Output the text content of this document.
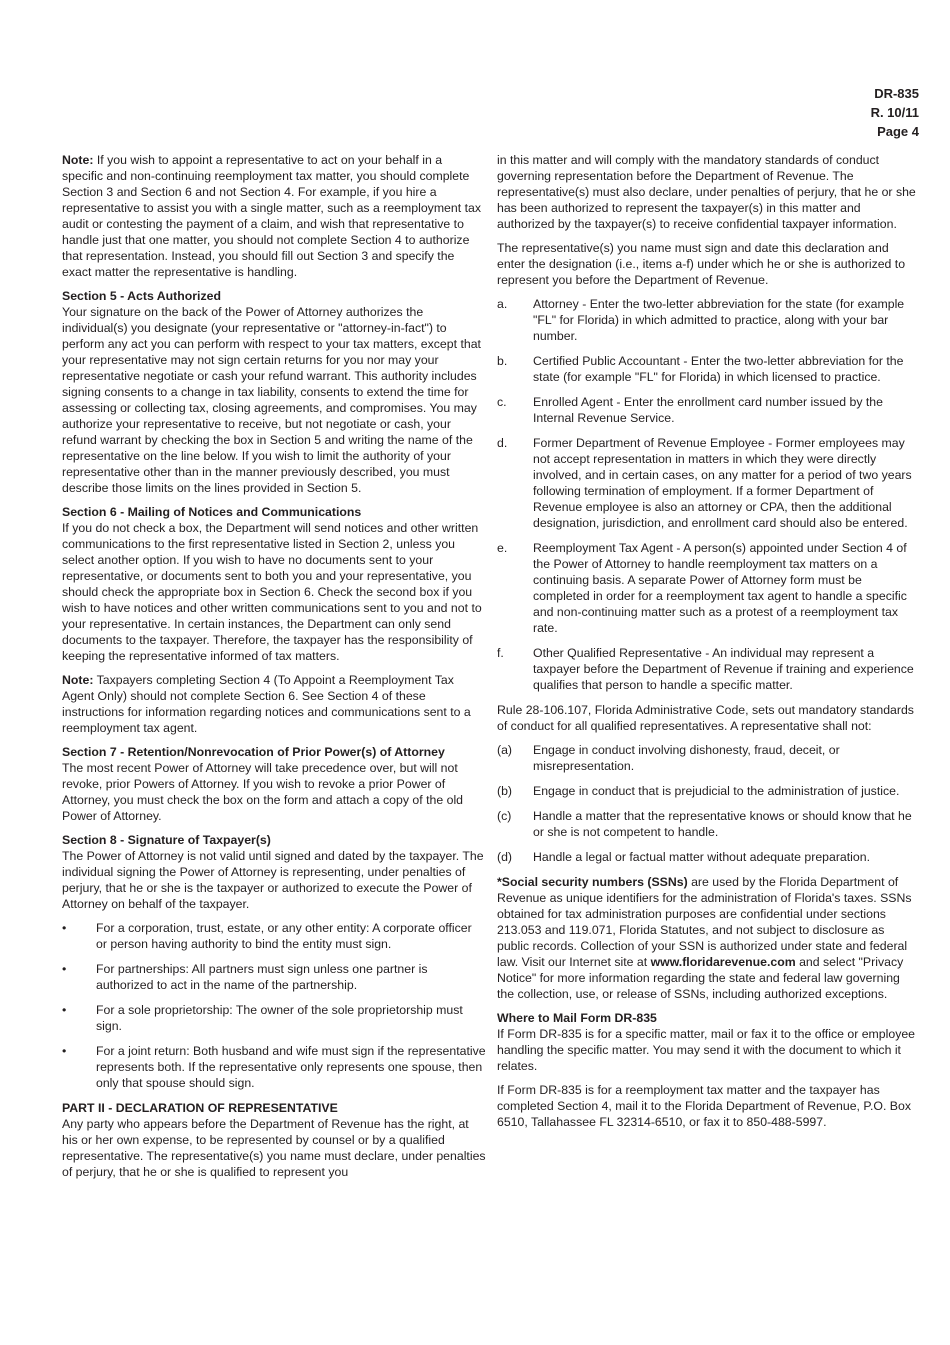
DR-835
R. 10/11
Page 4

Note: If you wish to appoint a representative to act on your behalf in a specific and non-continuing reemployment tax matter, you should complete Section 3 and Section 6 and not Section 4. For example, if you hire a representative to assist you with a single matter, such as a reemployment tax audit or contesting the payment of a claim, and wish that representative to handle just that one matter, you should not complete Section 4 to authorize that representation. Instead, you should fill out Section 3 and specify the exact matter the representative is handling.

Section 5 - Acts Authorized
Your signature on the back of the Power of Attorney authorizes the individual(s) you designate (your representative or "attorney-in-fact") to perform any act you can perform with respect to your tax matters, except that your representative may not sign certain returns for you nor may your representative negotiate or cash your refund warrant. This authority includes signing consents to a change in tax liability, consents to extend the time for assessing or collecting tax, closing agreements, and compromises. You may authorize your representative to receive, but not negotiate or cash, your refund warrant by checking the box in Section 5 and writing the name of the representative on the line below. If you wish to limit the authority of your representative other than in the manner previously described, you must describe those limits on the lines provided in Section 5.
Section 6 - Mailing of Notices and Communications
If you do not check a box, the Department will send notices and other written communications to the first representative listed in Section 2, unless you select another option. If you wish to have no documents sent to your representative, or documents sent to both you and your representative, you should check the appropriate box in Section 6. Check the second box if you wish to have notices and other written communications sent to you and not to your representative. In certain instances, the Department can only send documents to the taxpayer. Therefore, the taxpayer has the responsibility of keeping the representative informed of tax matters.

Note: Taxpayers completing Section 4 (To Appoint a Reemployment Tax Agent Only) should not complete Section 6. See Section 4 of these instructions for information regarding notices and communications sent to a reemployment tax agent.

Section 7 - Retention/Nonrevocation of Prior Power(s) of Attorney
The most recent Power of Attorney will take precedence over, but will not revoke, prior Powers of Attorney. If you wish to revoke a prior Power of Attorney, you must check the box on the form and attach a copy of the old Power of Attorney.
Section 8 - Signature of Taxpayer(s)
The Power of Attorney is not valid until signed and dated by the taxpayer. The individual signing the Power of Attorney is representing, under penalties of perjury, that he or she is the taxpayer or authorized to execute the Power of Attorney on behalf of the taxpayer.
•	For a corporation, trust, estate, or any other entity: A corporate officer or person having authority to bind the entity must sign.
•	For partnerships: All partners must sign unless one partner is authorized to act in the name of the partnership.
•	For a sole proprietorship: The owner of the sole proprietorship must sign.
•	For a joint return: Both husband and wife must sign if the representative represents both. If the representative only represents one spouse, then only that spouse should sign.
PART II - DECLARATION OF REPRESENTATIVE
Any party who appears before the Department of Revenue has the right, at his or her own expense, to be represented by counsel or by a qualified representative. The representative(s) you name must declare, under penalties of perjury, that he or she is qualified to represent you

in this matter and will comply with the mandatory standards of conduct governing representation before the Department of Revenue. The representative(s) must also declare, under penalties of perjury, that he or she has been authorized to represent the taxpayer(s) in this matter and authorized by the taxpayer(s) to receive confidential taxpayer information.

The representative(s) you name must sign and date this declaration and enter the designation (i.e., items a-f) under which he or she is authorized to represent you before the Department of Revenue.

a.	Attorney - Enter the two-letter abbreviation for the state (for example "FL" for Florida) in which admitted to practice, along with your bar number.
b.	Certified Public Accountant - Enter the two-letter abbreviation for the state (for example "FL" for Florida) in which licensed to practice.
c.	Enrolled Agent - Enter the enrollment card number issued by the Internal Revenue Service.
d.	Former Department of Revenue Employee - Former employees may not accept representation in matters in which they were directly involved, and in certain cases, on any matter for a period of two years following termination of employment. If a former Department of Revenue employee is also an attorney or CPA, then the additional designation, jurisdiction, and enrollment card should also be entered.
e.	Reemployment Tax Agent - A person(s) appointed under Section 4 of the Power of Attorney to handle reemployment tax matters on a continuing basis. A separate Power of Attorney form must be completed in order for a reemployment tax agent to handle a specific and non-continuing matter such as a protest of a reemployment tax rate.
f.	Other Qualified Representative - An individual may represent a taxpayer before the Department of Revenue if training and experience qualifies that person to handle a specific matter.

Rule 28-106.107, Florida Administrative Code, sets out mandatory standards of conduct for all qualified representatives. A representative shall not:

(a)	Engage in conduct involving dishonesty, fraud, deceit, or misrepresentation.
(b)	Engage in conduct that is prejudicial to the administration of justice.
(c)	Handle a matter that the representative knows or should know that he or she is not competent to handle.
(d)	Handle a legal or factual matter without adequate preparation.

*Social security numbers (SSNs) are used by the Florida Department of Revenue as unique identifiers for the administration of Florida's taxes. SSNs obtained for tax administration purposes are confidential under sections 213.053 and 119.071, Florida Statutes, and not subject to disclosure as public records. Collection of your SSN is authorized under state and federal law. Visit our Internet site at www.floridarevenue.com and select "Privacy Notice" for more information regarding the state and federal law governing the collection, use, or release of SSNs, including authorized exceptions.

Where to Mail Form DR-835
If Form DR-835 is for a specific matter, mail or fax it to the office or employee handling the specific matter. You may send it with the document to which it relates.

If Form DR-835 is for a reemployment tax matter and the taxpayer has completed Section 4, mail it to the Florida Department of Revenue, P.O. Box 6510, Tallahassee FL 32314-6510, or fax it to 850-488-5997.
